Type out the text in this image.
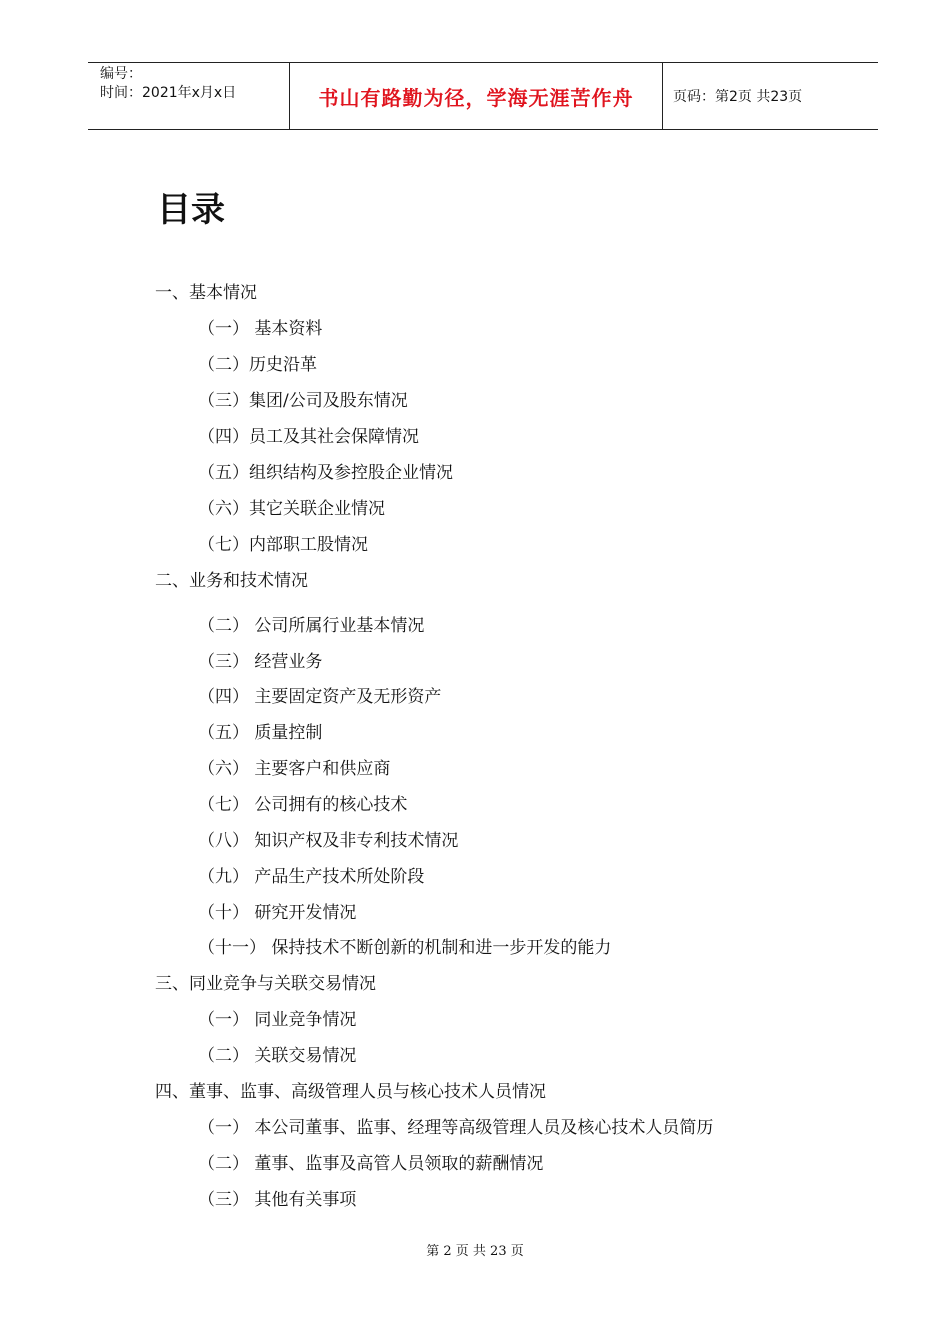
编号：
时间：2021年x月x日	书山有路勤为径，学海无涯苦作舟	页码：第2页 共23页
目录
一、基本情况
（一） 基本资料
（二）历史沿革
（三）集团/公司及股东情况
（四）员工及其社会保障情况
（五）组织结构及参控股企业情况
（六）其它关联企业情况
（七）内部职工股情况
二、业务和技术情况
（二） 公司所属行业基本情况
（三） 经营业务
（四） 主要固定资产及无形资产
（五） 质量控制
（六） 主要客户和供应商
（七） 公司拥有的核心技术
（八） 知识产权及非专利技术情况
（九） 产品生产技术所处阶段
（十） 研究开发情况
（十一） 保持技术不断创新的机制和进一步开发的能力
三、同业竞争与关联交易情况
（一） 同业竞争情况
（二） 关联交易情况
四、董事、监事、高级管理人员与核心技术人员情况
（一） 本公司董事、监事、经理等高级管理人员及核心技术人员简历
（二） 董事、监事及高管人员领取的薪酬情况
（三） 其他有关事项
第 2 页 共 23 页
